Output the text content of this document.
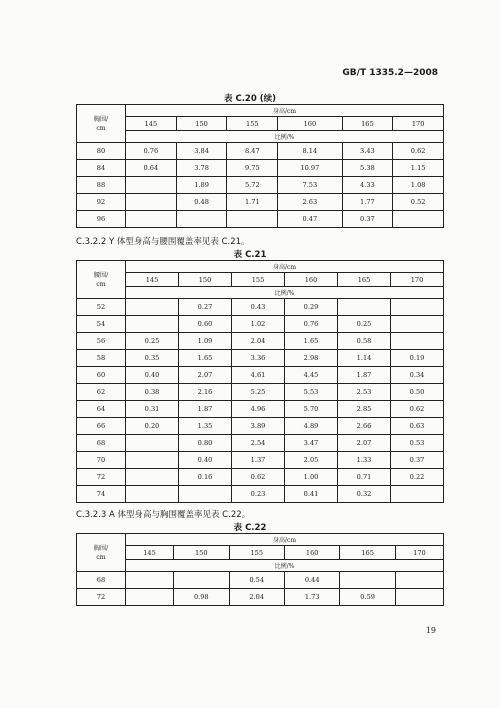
GB/T 1335.2—2008
表 C.20 (续)
胸围/
cm	身高/cm					
	145	150	155	160	165	170
	比例/%					
80	0.76	3.84	8.47	8.14	3.43	0.62
84	0.64	3.78	9.75	10.97	5.38	1.15
88		1.89	5.72	7.53	4.33	1.08
92		0.48	1.71	2.63	1.77	0.52
96				0.47	0.37	
C.3.2.2 Y 体型身高与腰围覆盖率见表 C.21。
表 C.21
腰围/
cm	身高/cm					
	145	150	155	160	165	170
	比例/%					
52		0.27	0.43	0.29		
54		0.60	1.02	0.76	0.25	
56	0.25	1.09	2.04	1.65	0.58	
58	0.35	1.65	3.36	2.98	1.14	0.19
60	0.40	2.07	4.61	4.45	1.87	0.34
62	0.38	2.16	5.25	5.53	2.53	0.50
64	0.31	1.87	4.96	5.70	2.85	0.62
66	0.20	1.35	3.89	4.89	2.66	0.63
68		0.80	2.54	3.47	2.07	0.53
70		0.40	1.37	2.05	1.33	0.37
72		0.16	0.62	1.00	0.71	0.22
74			0.23	0.41	0.32	
C.3.2.3 A 体型身高与胸围覆盖率见表 C.22。
表 C.22
胸围/
cm	身高/cm					
	145	150	155	160	165	170
	比例/%					
68			0.54	0.44		
72		0.98	2.04	1.73	0.59	
19
